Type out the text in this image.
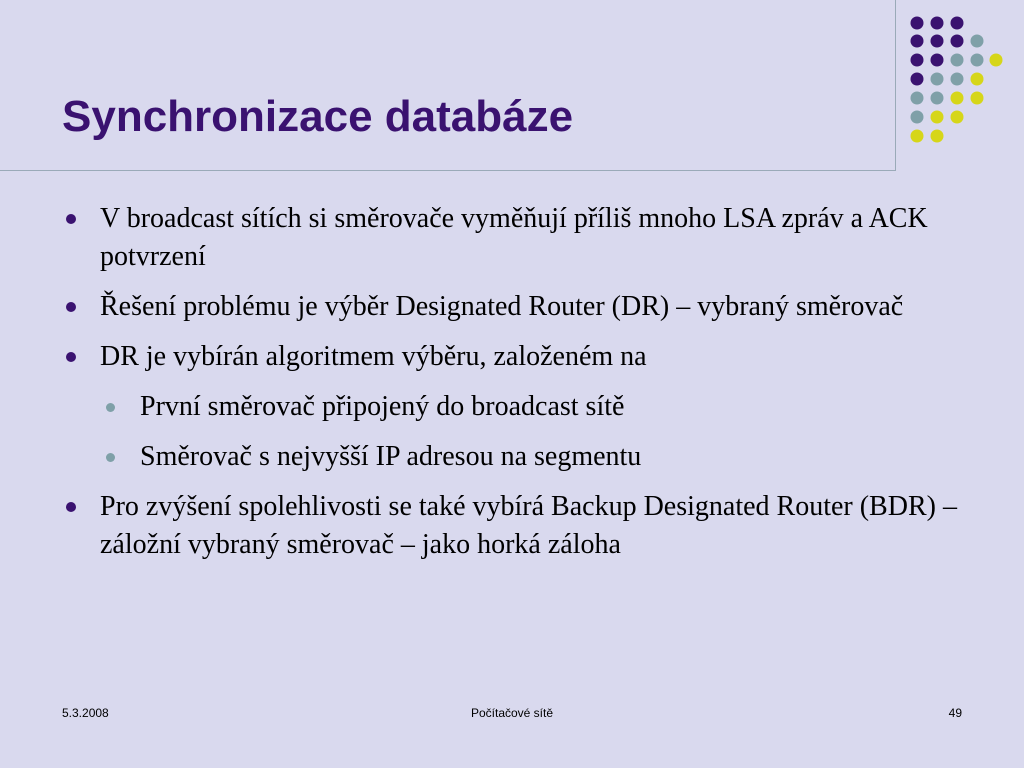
Synchronizace databáze

V broadcast sítích si směrovače vyměňují příliš mnoho LSA zpráv a ACK potvrzení

Řešení problému je výběr Designated Router (DR) – vybraný směrovač

DR je vybírán algoritmem výběru, založeném na

První směrovač připojený do broadcast sítě

Směrovač s nejvyšší IP adresou na segmentu

Pro zvýšení spolehlivosti se také vybírá Backup Designated Router (BDR) – záložní vybraný směrovač – jako horká záloha

5.3.2008	Počítačové sítě	49
